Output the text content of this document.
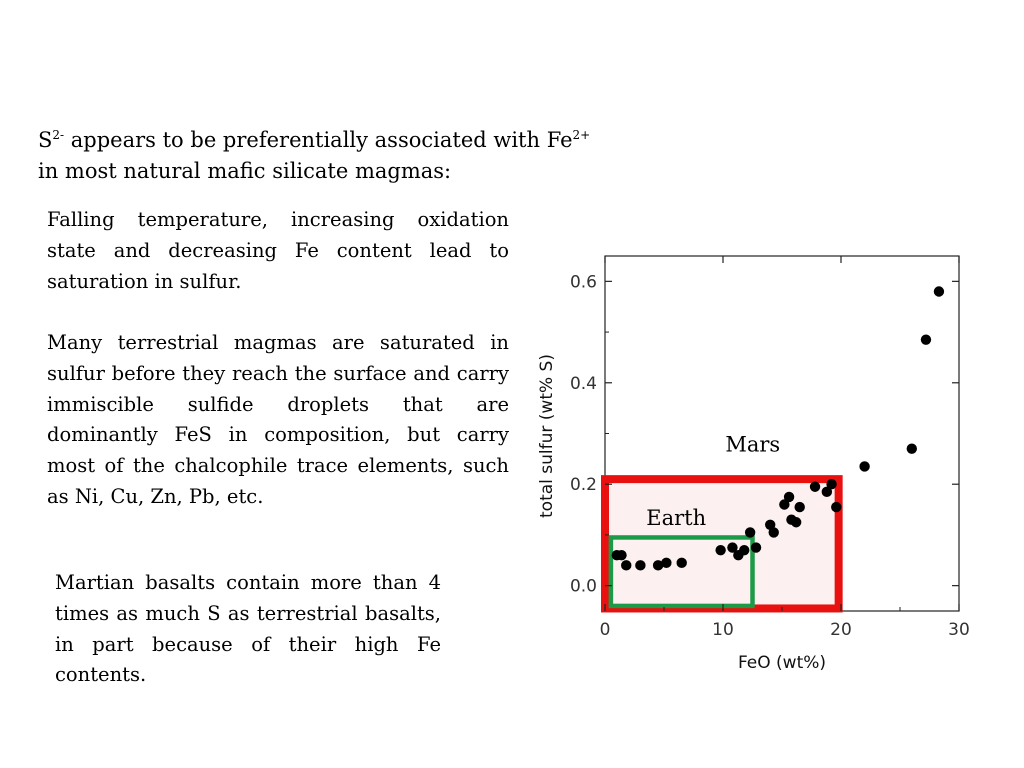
$S^{2-}$ appears to be preferentially associated with $Fe^{2+}$
in most natural mafic silicate magmas:
Falling temperature, increasing oxidation state and decreasing Fe content lead to saturation in sulfur.
Many terrestrial magmas are saturated in sulfur before they reach the surface and carry immiscible sulfide droplets that are dominantly FeS in composition, but carry most of the chalcophile trace elements, such as Ni, Cu, Zn, Pb, etc.
Martian basalts contain more than 4 times as much S as terrestrial basalts, in part because of their high Fe contents.
0	10	20	30
0.0
0.2
0.4
0.6
Mars
Earth
FeO (wt%)
total sulfur (wt% S)
